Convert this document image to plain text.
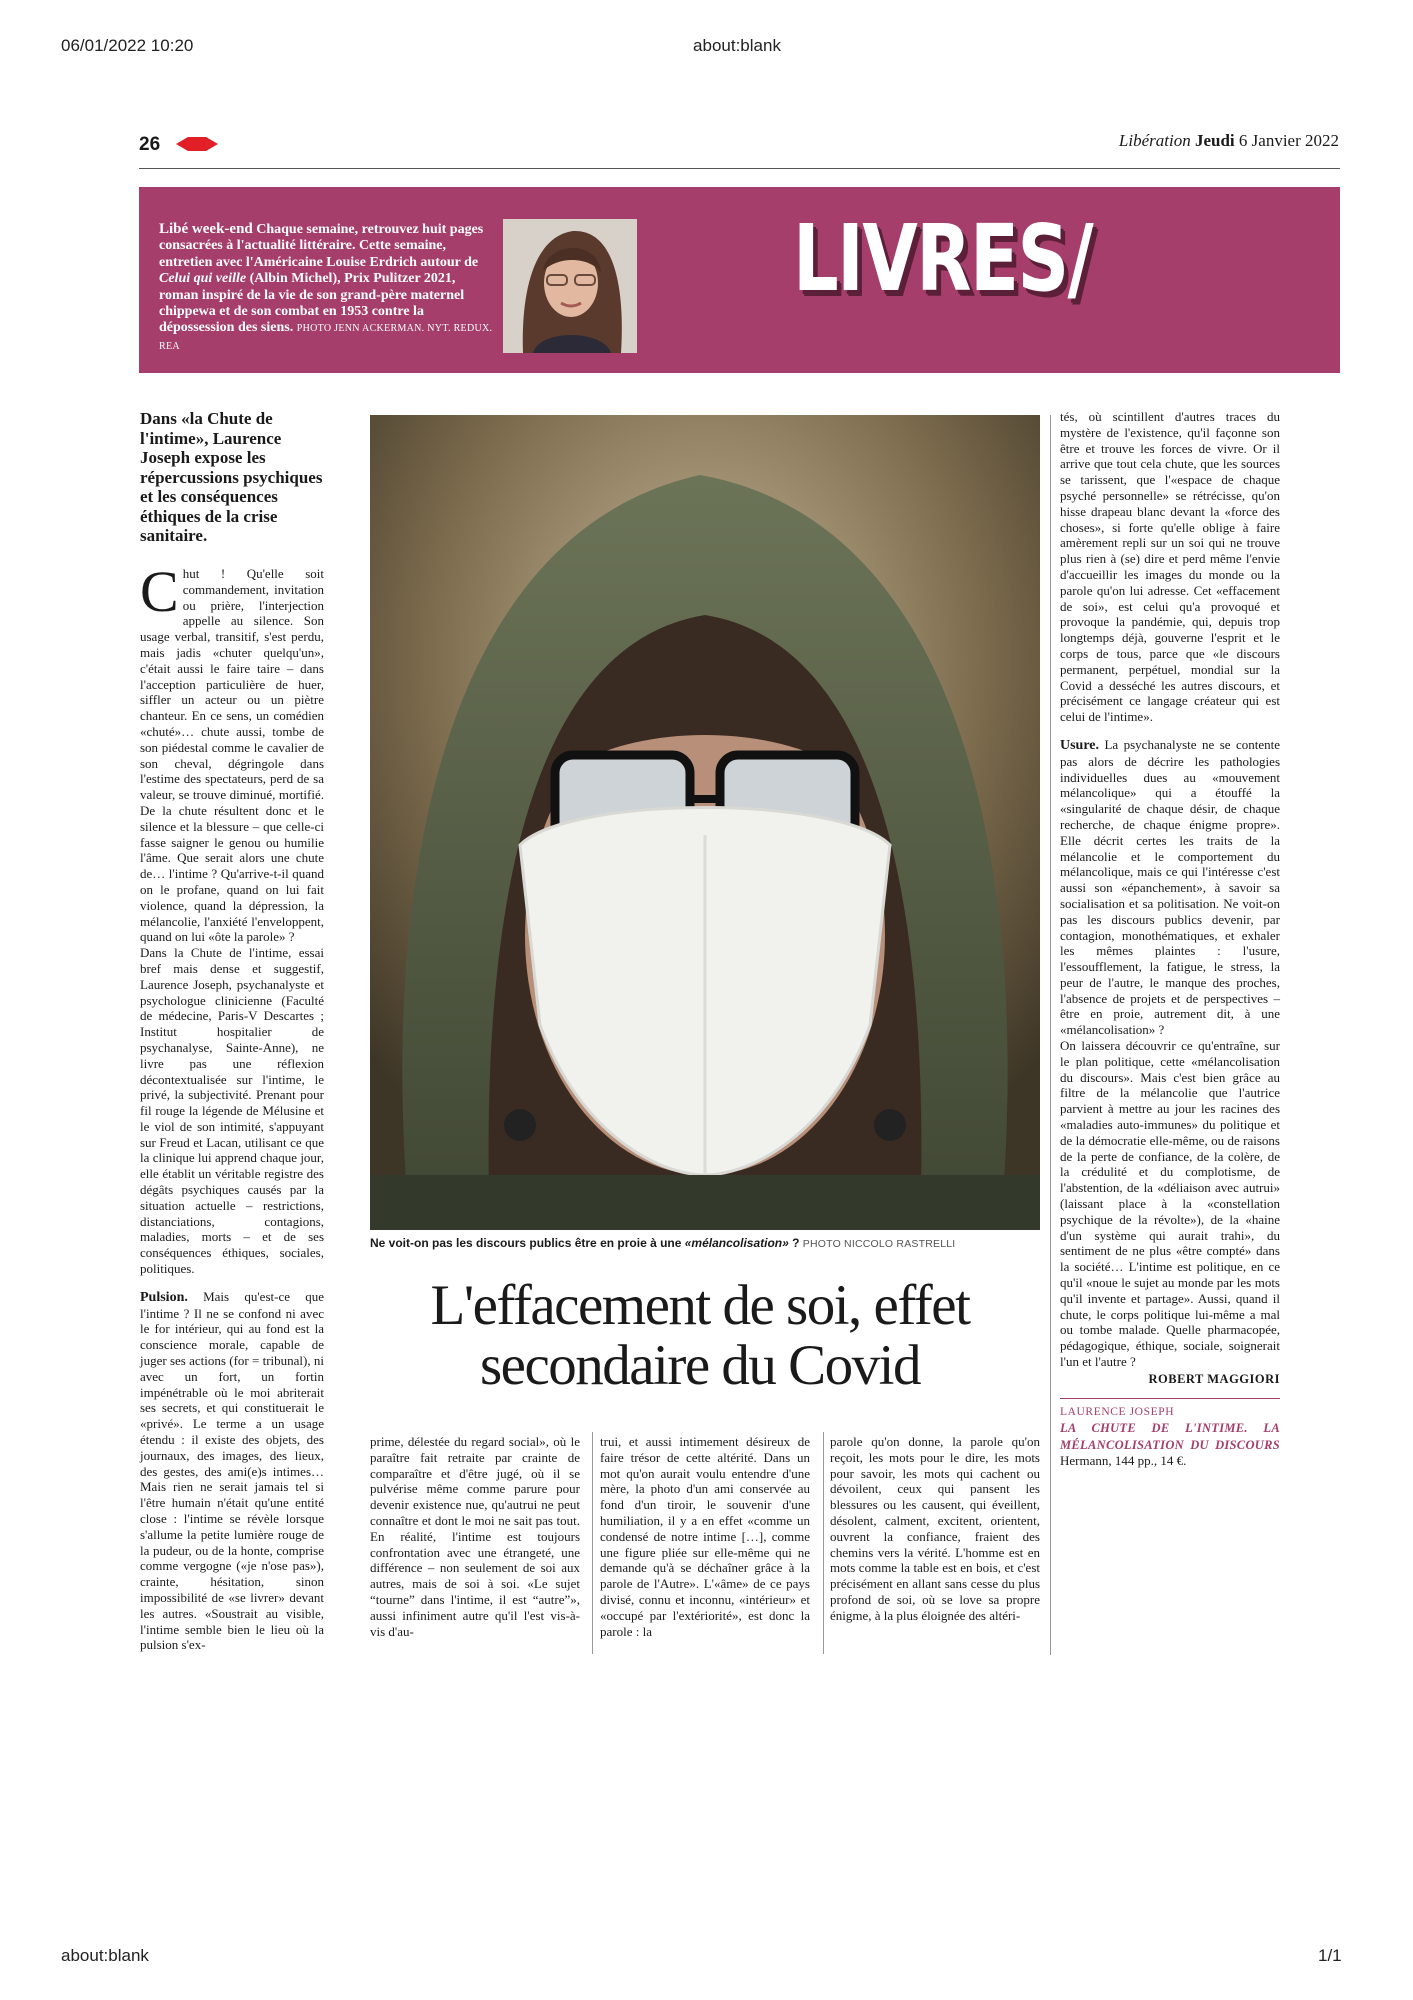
06/01/2022 10:20	about:blank
about:blank	1/1
26	Libération Jeudi 6 Janvier 2022
Libé week-end Chaque semaine, retrouvez huit pages consacrées à l'actualité littéraire. Cette semaine, entretien avec l'Américaine Louise Erdrich autour de Celui qui veille (Albin Michel), Prix Pulitzer 2021, roman inspiré de la vie de son grand-père maternel chippewa et de son combat en 1953 contre la dépossession des siens. PHOTO JENN ACKERMAN. NYT. REDUX. REA
LIVRES/
Dans «la Chute de l'intime», Laurence Joseph expose les répercussions psychiques et les conséquences éthiques de la crise sanitaire.

Chut ! Qu'elle soit commandement, invitation ou prière, l'interjection appelle au silence. Son usage verbal, transitif, s'est perdu, mais jadis «chuter quelqu'un», c'était aussi le faire taire – dans l'acception particulière de huer, siffler un acteur ou un piètre chanteur. En ce sens, un comédien «chuté»… chute aussi, tombe de son piédestal comme le cavalier de son cheval, dégringole dans l'estime des spectateurs, perd de sa valeur, se trouve diminué, mortifié. De la chute résultent donc et le silence et la blessure – que celle-ci fasse saigner le genou ou humilie l'âme. Que serait alors une chute de… l'intime ? Qu'arrive-t-il quand on le profane, quand on lui fait violence, quand la dépression, la mélancolie, l'anxiété l'enveloppent, quand on lui «ôte la parole» ?

Dans la Chute de l'intime, essai bref mais dense et suggestif, Laurence Joseph, psychanalyste et psychologue clinicienne (Faculté de médecine, Paris-V Descartes ; Institut hospitalier de psychanalyse, Sainte-Anne), ne livre pas une réflexion décontextualisée sur l'intime, le privé, la subjectivité. Prenant pour fil rouge la légende de Mélusine et le viol de son intimité, s'appuyant sur Freud et Lacan, utilisant ce que la clinique lui apprend chaque jour, elle établit un véritable registre des dégâts psychiques causés par la situation actuelle – restrictions, distanciations, contagions, maladies, morts – et de ses conséquences éthiques, sociales, politiques.

Pulsion. Mais qu'est-ce que l'intime ? Il ne se confond ni avec le for intérieur, qui au fond est la conscience morale, capable de juger ses actions (for = tribunal), ni avec un fort, un fortin impénétrable où le moi abriterait ses secrets, et qui constituerait le «privé». Le terme a un usage étendu : il existe des objets, des journaux, des images, des lieux, des gestes, des ami(e)s intimes… Mais rien ne serait jamais tel si l'être humain n'était qu'une entité close : l'intime se révèle lorsque s'allume la petite lumière rouge de la pudeur, ou de la honte, comprise comme vergogne («je n'ose pas»), crainte, hésitation, sinon impossibilité de «se livrer» devant les autres. «Soustrait au visible, l'intime semble bien le lieu où la pulsion s'ex-

Ne voit-on pas les discours publics être en proie à une «mélancolisation» ? PHOTO NICCOLO RASTRELLI
L'effacement de soi, effet
secondaire du Covid

prime, délestée du regard social», où le paraître fait retraite par crainte de comparaître et d'être jugé, où il se pulvérise même comme parure pour devenir existence nue, qu'autrui ne peut connaître et dont le moi ne sait pas tout. En réalité, l'intime est toujours confrontation avec une étrangeté, une différence – non seulement de soi aux autres, mais de soi à soi. «Le sujet “tourne” dans l'intime, il est “autre”», aussi infiniment autre qu'il l'est vis-à-vis d'au-

trui, et aussi intimement désireux de faire trésor de cette altérité. Dans un mot qu'on aurait voulu entendre d'une mère, la photo d'un ami conservée au fond d'un tiroir, le souvenir d'une humiliation, il y a en effet «comme un condensé de notre intime […], comme une figure pliée sur elle-même qui ne demande qu'à se déchaîner grâce à la parole de l'Autre». L'«âme» de ce pays divisé, connu et inconnu, «intérieur» et «occupé par l'extériorité», est donc la parole : la

parole qu'on donne, la parole qu'on reçoit, les mots pour le dire, les mots pour savoir, les mots qui cachent ou dévoilent, ceux qui pansent les blessures ou les causent, qui éveillent, désolent, calment, excitent, orientent, ouvrent la confiance, fraient des chemins vers la vérité. L'homme est en mots comme la table est en bois, et c'est précisément en allant sans cesse du plus profond de soi, où se love sa propre énigme, à la plus éloignée des altéri-

tés, où scintillent d'autres traces du mystère de l'existence, qu'il façonne son être et trouve les forces de vivre. Or il arrive que tout cela chute, que les sources se tarissent, que l'«espace de chaque psyché personnelle» se rétrécisse, qu'on hisse drapeau blanc devant la «force des choses», si forte qu'elle oblige à faire amèrement repli sur un soi qui ne trouve plus rien à (se) dire et perd même l'envie d'accueillir les images du monde ou la parole qu'on lui adresse. Cet «effacement de soi», est celui qu'a provoqué et provoque la pandémie, qui, depuis trop longtemps déjà, gouverne l'esprit et le corps de tous, parce que «le discours permanent, perpétuel, mondial sur la Covid a desséché les autres discours, et précisément ce langage créateur qui est celui de l'intime».

Usure. La psychanalyste ne se contente pas alors de décrire les pathologies individuelles dues au «mouvement mélancolique» qui a étouffé la «singularité de chaque désir, de chaque recherche, de chaque énigme propre». Elle décrit certes les traits de la mélancolie et le comportement du mélancolique, mais ce qui l'intéresse c'est aussi son «épanchement», à savoir sa socialisation et sa politisation. Ne voit-on pas les discours publics devenir, par contagion, monothématiques, et exhaler les mêmes plaintes : l'usure, l'essoufflement, la fatigue, le stress, la peur de l'autre, le manque des proches, l'absence de projets et de perspectives – être en proie, autrement dit, à une «mélancolisation» ?

On laissera découvrir ce qu'entraîne, sur le plan politique, cette «mélancolisation du discours». Mais c'est bien grâce au filtre de la mélancolie que l'autrice parvient à mettre au jour les racines des «maladies auto-immunes» du politique et de la démocratie elle-même, ou de raisons de la perte de confiance, de la colère, de la crédulité et du complotisme, de l'abstention, de la «déliaison avec autrui» (laissant place à la «constellation psychique de la révolte»), de la «haine d'un système qui aurait trahi», du sentiment de ne plus «être compté» dans la société… L'intime est politique, en ce qu'il «noue le sujet au monde par les mots qu'il invente et partage». Aussi, quand il chute, le corps politique lui-même a mal ou tombe malade. Quelle pharmacopée, pédagogique, éthique, sociale, soignerait l'un et l'autre ?

ROBERT MAGGIORI
LAURENCE JOSEPH
LA CHUTE DE L'INTIME. LA MÉLANCOLISATION DU DISCOURS Hermann, 144 pp., 14 €.
